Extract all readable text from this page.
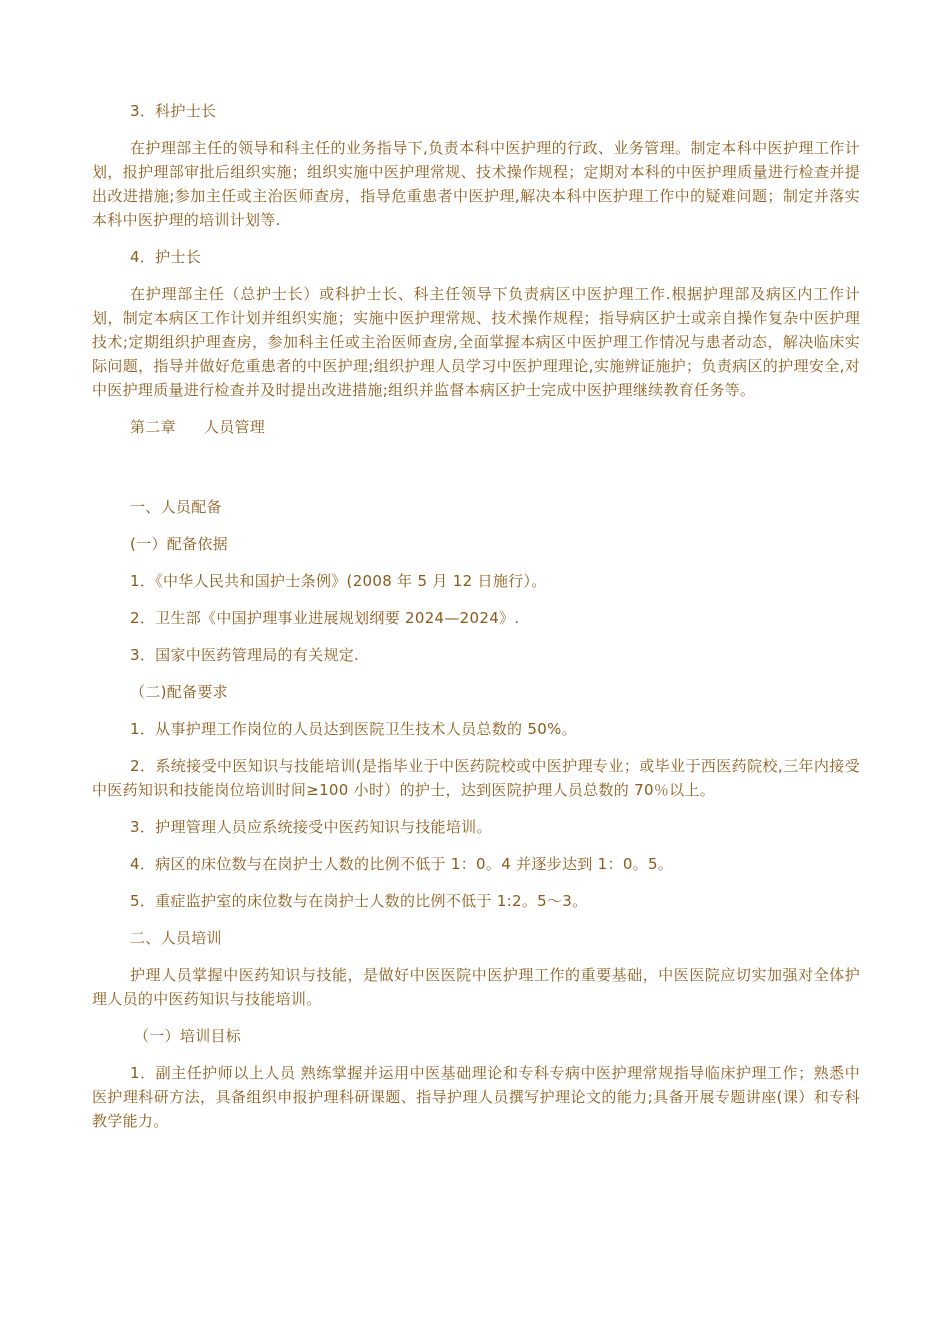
3．科护士长

在护理部主任的领导和科主任的业务指导下,负责本科中医护理的行政、业务管理。制定本科中医护理工作计划，报护理部审批后组织实施；组织实施中医护理常规、技术操作规程；定期对本科的中医护理质量进行检查并提出改进措施;参加主任或主治医师查房，指导危重患者中医护理,解决本科中医护理工作中的疑难问题；制定并落实本科中医护理的培训计划等.

4．护士长

在护理部主任（总护士长）或科护士长、科主任领导下负责病区中医护理工作.根据护理部及病区内工作计划，制定本病区工作计划并组织实施；实施中医护理常规、技术操作规程；指导病区护士或亲自操作复杂中医护理技术;定期组织护理查房，参加科主任或主治医师查房,全面掌握本病区中医护理工作情况与患者动态，解决临床实际问题，指导并做好危重患者的中医护理;组织护理人员学习中医护理理论,实施辨证施护；负责病区的护理安全,对中医护理质量进行检查并及时提出改进措施;组织并监督本病区护士完成中医护理继续教育任务等。

第二章 人员管理

一、人员配备

(一）配备依据

1．《中华人民共和国护士条例》(2008 年 5 月 12 日施行）。

2．卫生部《中国护理事业进展规划纲要 2024—2024》.

3．国家中医药管理局的有关规定.

（二)配备要求

1．从事护理工作岗位的人员达到医院卫生技术人员总数的 50%。

2．系统接受中医知识与技能培训(是指毕业于中医药院校或中医护理专业；或毕业于西医药院校,三年内接受中医药知识和技能岗位培训时间≥100 小时）的护士，达到医院护理人员总数的 70％以上。

3．护理管理人员应系统接受中医药知识与技能培训。

4．病区的床位数与在岗护士人数的比例不低于 1：0。4 并逐步达到 1：0。5。

5．重症监护室的床位数与在岗护士人数的比例不低于 1:2。5～3。

二、人员培训

护理人员掌握中医药知识与技能，是做好中医医院中医护理工作的重要基础，中医医院应切实加强对全体护理人员的中医药知识与技能培训。

（一）培训目标

1．副主任护师以上人员 熟练掌握并运用中医基础理论和专科专病中医护理常规指导临床护理工作；熟悉中医护理科研方法，具备组织申报护理科研课题、指导护理人员撰写护理论文的能力;具备开展专题讲座(课）和专科教学能力。
